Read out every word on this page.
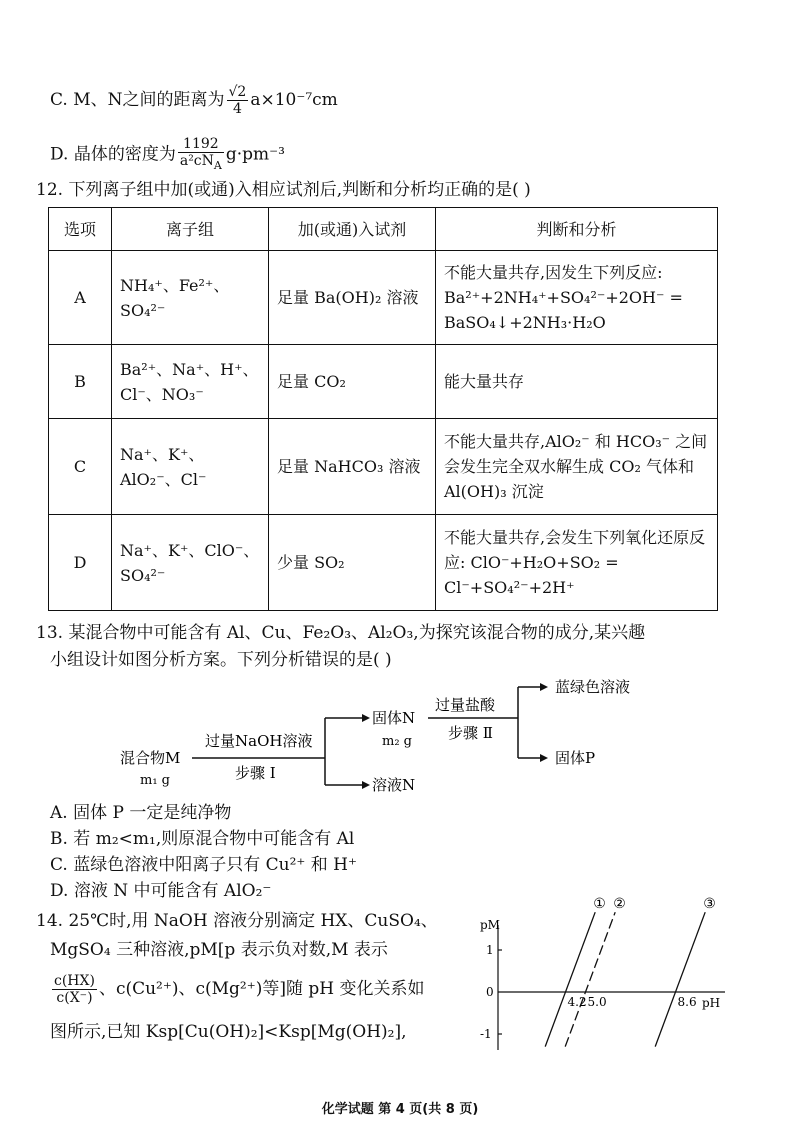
C. M、N之间的距离为 $\frac{√2}{4} a\times 10^{-7}cm$
D. 晶体的密度为 $\frac{1192}{a^2cN_A} g\cdot pm^{-3}$
12. 下列离子组中加(或通)入相应试剂后,判断和分析均正确的是( )
选项	离子组	加(或通)入试剂	判断和分析
A	NH₄⁺、Fe²⁺、SO₄²⁻	足量 Ba(OH)₂ 溶液	不能大量共存,因发生下列反应: Ba²⁺+2NH₄⁺+SO₄²⁻+2OH⁻ = BaSO₄↓+2NH₃·H₂O
B	Ba²⁺、Na⁺、H⁺、Cl⁻、NO₃⁻	足量 CO₂	能大量共存
C	Na⁺、K⁺、AlO₂⁻、Cl⁻	足量 NaHCO₃ 溶液	不能大量共存,AlO₂⁻ 和 HCO₃⁻ 之间会发生完全双水解生成 CO₂ 气体和 Al(OH)₃ 沉淀
D	Na⁺、K⁺、ClO⁻、SO₄²⁻	少量 SO₂	不能大量共存,会发生下列氧化还原反应: ClO⁻+H₂O+SO₂ = Cl⁻+SO₄²⁻+2H⁺
13. 某混合物中可能含有 Al、Cu、Fe₂O₃、Al₂O₃,为探究该混合物的成分,某兴趣
小组设计如图分析方案。下列分析错误的是( )
混合物M
m₁ g
过量NaOH溶液
步骤 Ⅰ
固体N
m₂ g
溶液N
过量盐酸
步骤 Ⅱ
蓝绿色溶液
固体P
A. 固体 P 一定是纯净物
B. 若 m₂<m₁,则原混合物中可能含有 Al
C. 蓝绿色溶液中阳离子只有 Cu²⁺ 和 H⁺
D. 溶液 N 中可能含有 AlO₂⁻
14. 25℃时,用 NaOH 溶液分别滴定 HX、CuSO₄、
MgSO₄ 三种溶液,pM[p 表示负对数,M 表示
$\frac{c(HX)}{c(X^-)}$ 、c(Cu²⁺)、c(Mg²⁺)等]随 pH 变化关系如
图所示,已知 Ksp[Cu(OH)₂]<Ksp[Mg(OH)₂],
pM
pH
1
0
-1
① ②	③
4.2 5.0	8.6
化学试题 第 4 页(共 8 页)
